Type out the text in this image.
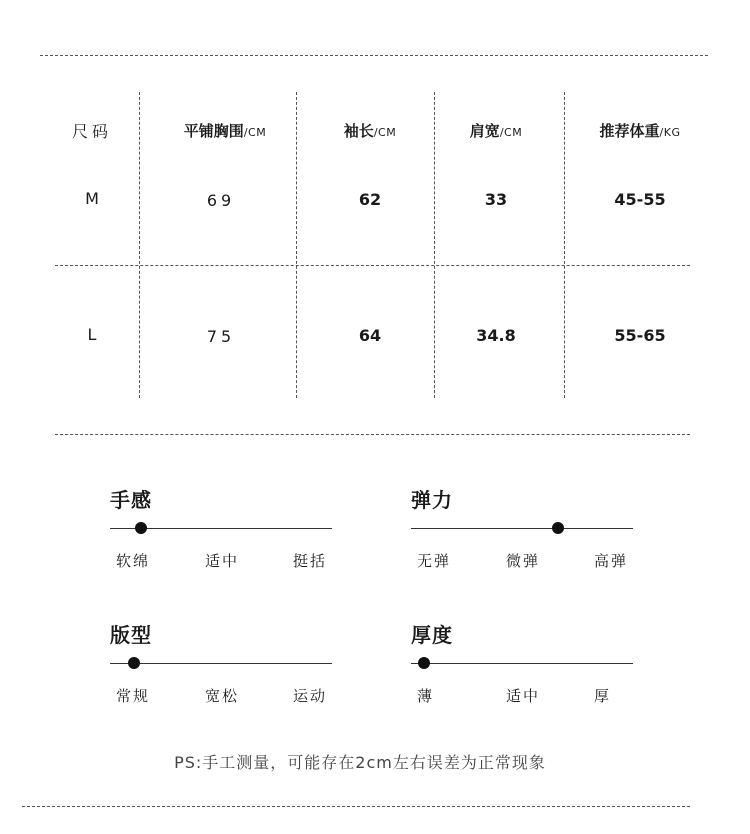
尺码	平铺胸围/CM	袖长/CM	肩宽/CM	推荐体重/KG
M	69	62	33	45-55
L	75	64	34.8	55-65
手感
软绵	适中	挺括
弹力
无弹	微弹	高弹
版型
常规	宽松	运动
厚度
薄	适中	厚
PS:手工测量，可能存在2cm左右误差为正常现象
